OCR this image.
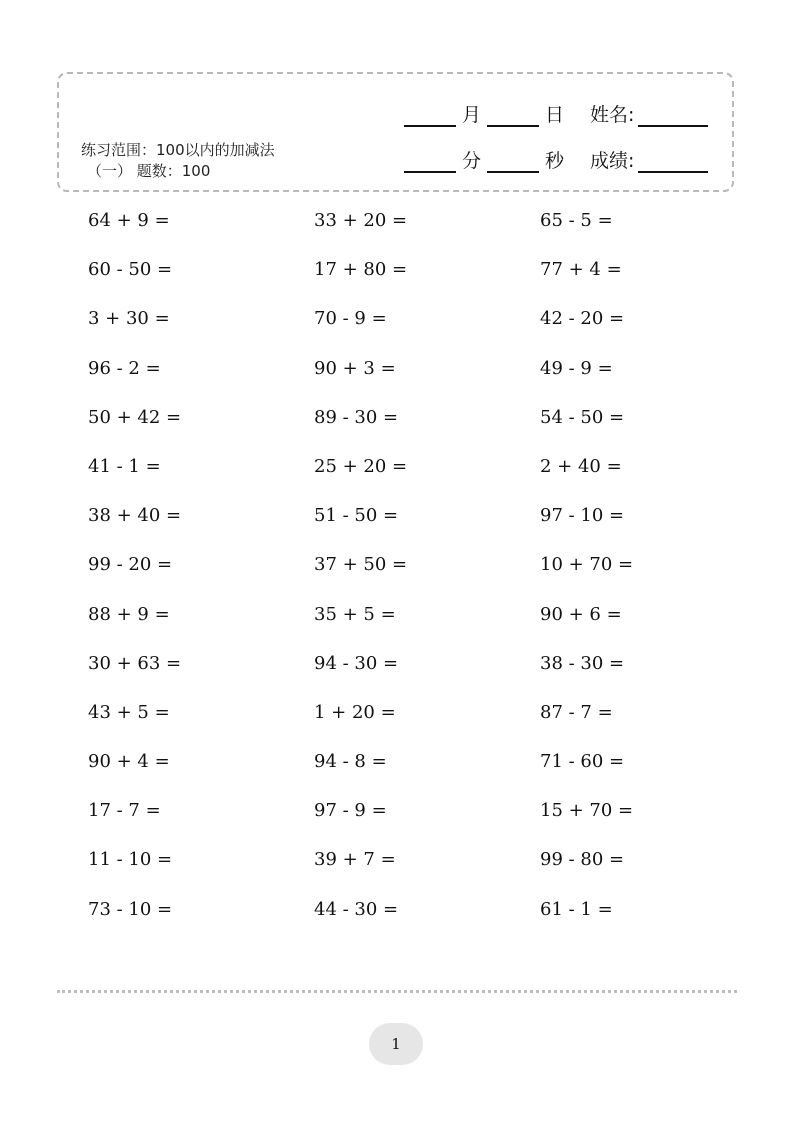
月	日 姓名:
分	秒 成绩:
练习范围：100以内的加减法
（一） 题数：100
64 + 9 =	33 + 20 =	65 - 5 =
60 - 50 =	17 + 80 =	77 + 4 =
3 + 30 =	70 - 9 =	42 - 20 =
96 - 2 =	90 + 3 =	49 - 9 =
50 + 42 =	89 - 30 =	54 - 50 =
41 - 1 =	25 + 20 =	2 + 40 =
38 + 40 =	51 - 50 =	97 - 10 =
99 - 20 =	37 + 50 =	10 + 70 =
88 + 9 =	35 + 5 =	90 + 6 =
30 + 63 =	94 - 30 =	38 - 30 =
43 + 5 =	1 + 20 =	87 - 7 =
90 + 4 =	94 - 8 =	71 - 60 =
17 - 7 =	97 - 9 =	15 + 70 =
11 - 10 =	39 + 7 =	99 - 80 =
73 - 10 =	44 - 30 =	61 - 1 =
1
